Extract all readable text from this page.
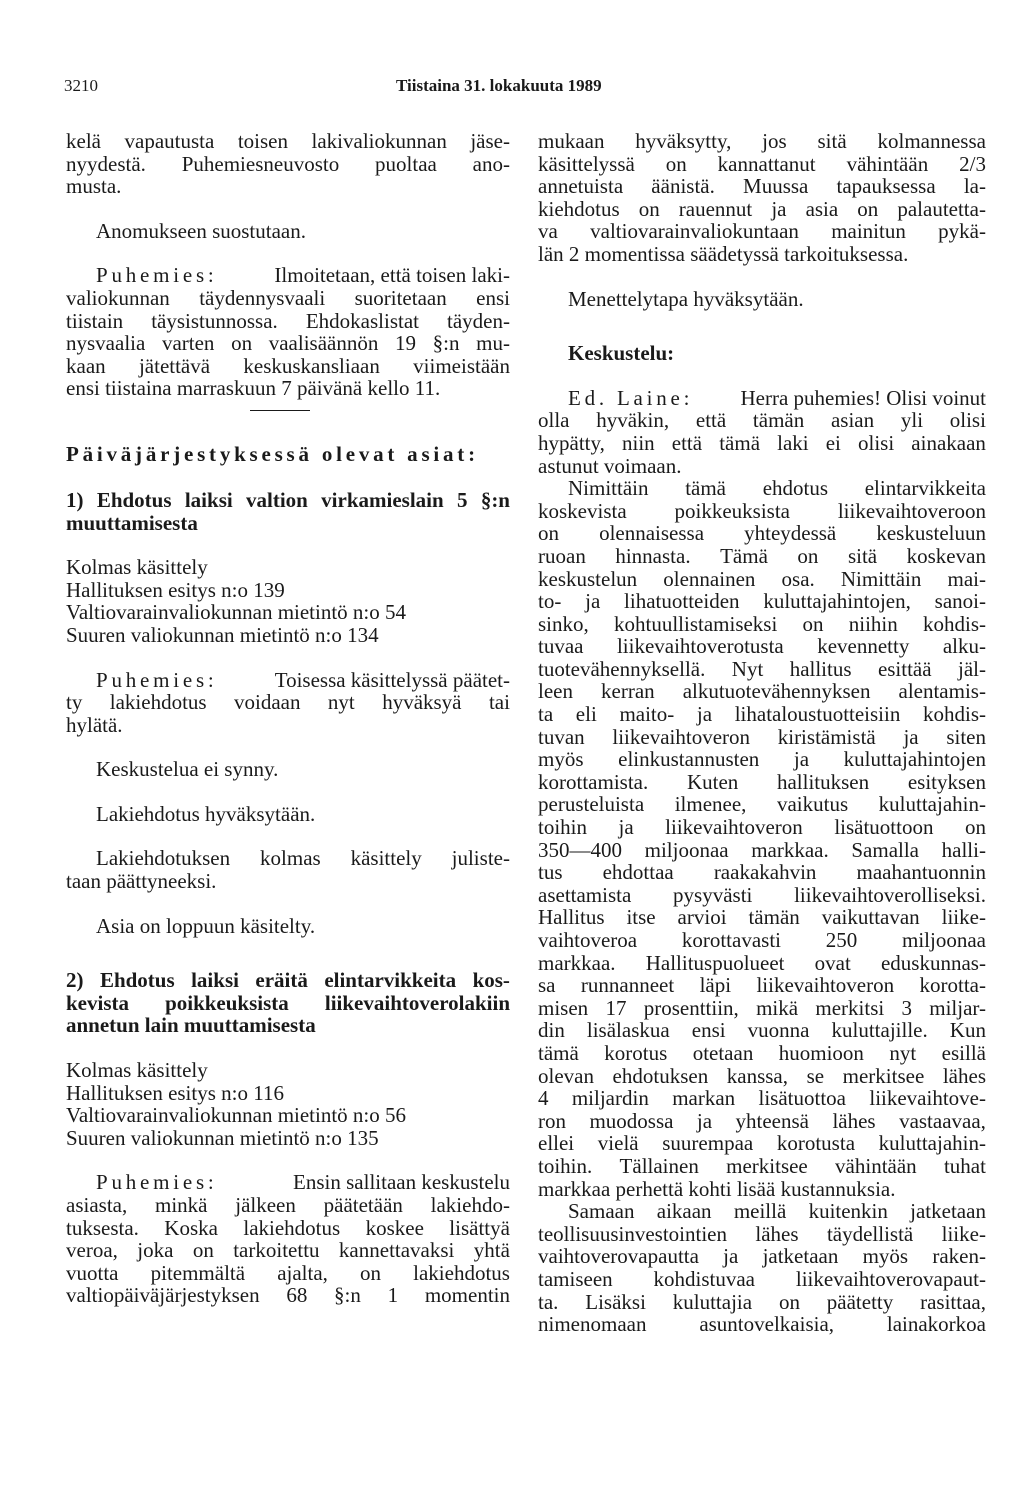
3210	Tiistaina 31. lokakuuta 1989
kelä vapautusta toisen lakivaliokunnan jäse-
nyydestä. Puhemiesneuvosto puoltaa ano-
musta.
Anomukseen suostutaan.
Puhemies:	Ilmoitetaan, että toisen laki-
valiokunnan täydennysvaali suoritetaan ensi
tiistain täysistunnossa. Ehdokaslistat täyden-
nysvaalia varten on vaalisäännön 19 §:n mu-
kaan jätettävä keskuskansliaan viimeistään
ensi tiistaina marraskuun 7 päivänä kello 11.
Päiväjärjestyksessä olevat asiat:
1) Ehdotus laiksi valtion virkamieslain 5 §:n
muuttamisesta
Kolmas käsittely
Hallituksen esitys n:o 139
Valtiovarainvaliokunnan mietintö n:o 54
Suuren valiokunnan mietintö n:o 134
Puhemies:	Toisessa käsittelyssä päätet-
ty lakiehdotus voidaan nyt hyväksyä tai
hylätä.
Keskustelua ei synny.
Lakiehdotus hyväksytään.
Lakiehdotuksen kolmas käsittely juliste-
taan päättyneeksi.
Asia on loppuun käsitelty.
2) Ehdotus laiksi eräitä elintarvikkeita kos-
kevista poikkeuksista liikevaihtoverolakiin
annetun lain muuttamisesta
Kolmas käsittely
Hallituksen esitys n:o 116
Valtiovarainvaliokunnan mietintö n:o 56
Suuren valiokunnan mietintö n:o 135
Puhemies:	Ensin sallitaan keskustelu
asiasta, minkä jälkeen päätetään lakiehdo-
tuksesta. Koska lakiehdotus koskee lisättyä
veroa, joka on tarkoitettu kannettavaksi yhtä
vuotta pitemmältä ajalta, on lakiehdotus
valtiopäiväjärjestyksen 68 §:n 1 momentin
mukaan hyväksytty, jos sitä kolmannessa
käsittelyssä on kannattanut vähintään 2/3
annetuista äänistä. Muussa tapauksessa la-
kiehdotus on rauennut ja asia on palautetta-
va valtiovarainvaliokuntaan mainitun pykä-
län 2 momentissa säädetyssä tarkoituksessa.
Menettelytapa hyväksytään.
Keskustelu:
Ed. Laine: Herra puhemies! Olisi voinut
olla hyväkin, että tämän asian yli olisi
hypätty, niin että tämä laki ei olisi ainakaan
astunut voimaan.
Nimittäin tämä ehdotus elintarvikkeita
koskevista poikkeuksista liikevaihtoveroon
on olennaisessa yhteydessä keskusteluun
ruoan hinnasta. Tämä on sitä koskevan
keskustelun olennainen osa. Nimittäin mai-
to- ja lihatuotteiden kuluttajahintojen, sanoi-
sinko, kohtuullistamiseksi on niihin kohdis-
tuvaa liikevaihtoverotusta kevennetty alku-
tuotevähennyksellä. Nyt hallitus esittää jäl-
leen kerran alkutuotevähennyksen alentamis-
ta eli maito- ja lihataloustuotteisiin kohdis-
tuvan liikevaihtoveron kiristämistä ja siten
myös elinkustannusten ja kuluttajahintojen
korottamista. Kuten hallituksen esityksen
perusteluista ilmenee, vaikutus kuluttajahin-
toihin ja liikevaihtoveron lisätuottoon on
350—400 miljoonaa markkaa. Samalla halli-
tus ehdottaa raakakahvin maahantuonnin
asettamista pysyvästi liikevaihtoverolliseksi.
Hallitus itse arvioi tämän vaikuttavan liike-
vaihtoveroa korottavasti 250 miljoonaa
markkaa. Hallituspuolueet ovat eduskunnas-
sa runnanneet läpi liikevaihtoveron korotta-
misen 17 prosenttiin, mikä merkitsi 3 miljar-
din lisälaskua ensi vuonna kuluttajille. Kun
tämä korotus otetaan huomioon nyt esillä
olevan ehdotuksen kanssa, se merkitsee lähes
4 miljardin markan lisätuottoa liikevaihtove-
ron muodossa ja yhteensä lähes vastaavaa,
ellei vielä suurempaa korotusta kuluttajahin-
toihin. Tällainen merkitsee vähintään tuhat
markkaa perhettä kohti lisää kustannuksia.
Samaan aikaan meillä kuitenkin jatketaan
teollisuusinvestointien lähes täydellistä liike-
vaihtoverovapautta ja jatketaan myös raken-
tamiseen kohdistuvaa liikevaihtoverovapaut-
ta. Lisäksi kuluttajia on päätetty rasittaa,
nimenomaan	asuntovelkaisia,	lainakorkoa
